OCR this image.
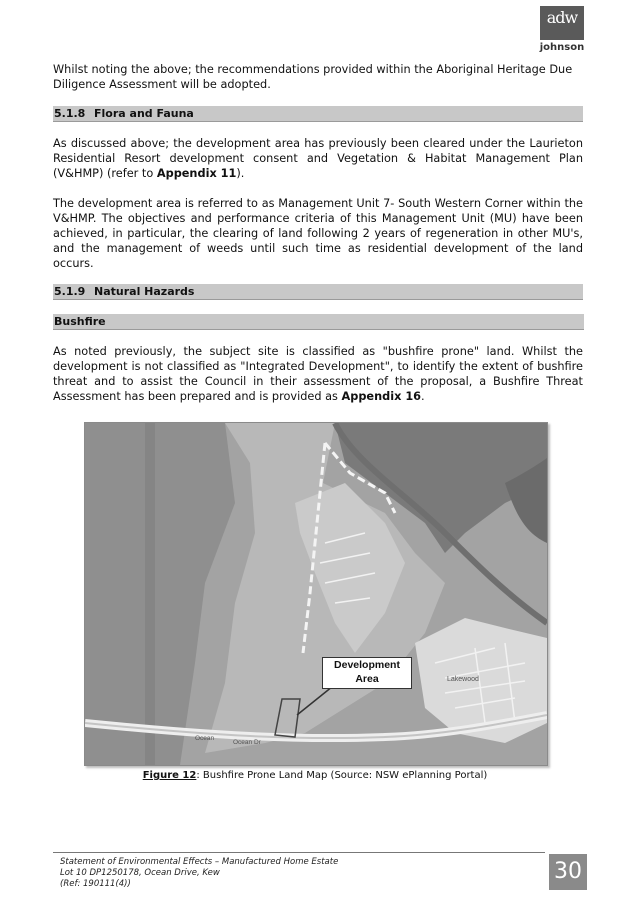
adw
johnson

Whilst noting the above; the recommendations provided within the Aboriginal Heritage Due Diligence Assessment will be adopted.

5.1.8 Flora and Fauna

As discussed above; the development area has previously been cleared under the Laurieton Residential Resort development consent and Vegetation & Habitat Management Plan (V&HMP) (refer to Appendix 11).

The development area is referred to as Management Unit 7- South Western Corner within the V&HMP. The objectives and performance criteria of this Management Unit (MU) have been achieved, in particular, the clearing of land following 2 years of regeneration in other MU's, and the management of weeds until such time as residential development of the land occurs.

5.1.9 Natural Hazards
Bushfire

As noted previously, the subject site is classified as "bushfire prone" land. Whilst the development is not classified as "Integrated Development", to identify the extent of bushfire threat and to assist the Council in their assessment of the proposal, a Bushfire Threat Assessment has been prepared and is provided as Appendix 16.

Lakewood
Ocean
Ocean Dr
Development
Area
Figure 12: Bushfire Prone Land Map (Source: NSW ePlanning Portal)
Statement of Environmental Effects – Manufactured Home Estate
Lot 10 DP1250178, Ocean Drive, Kew
(Ref: 190111(4))	30
